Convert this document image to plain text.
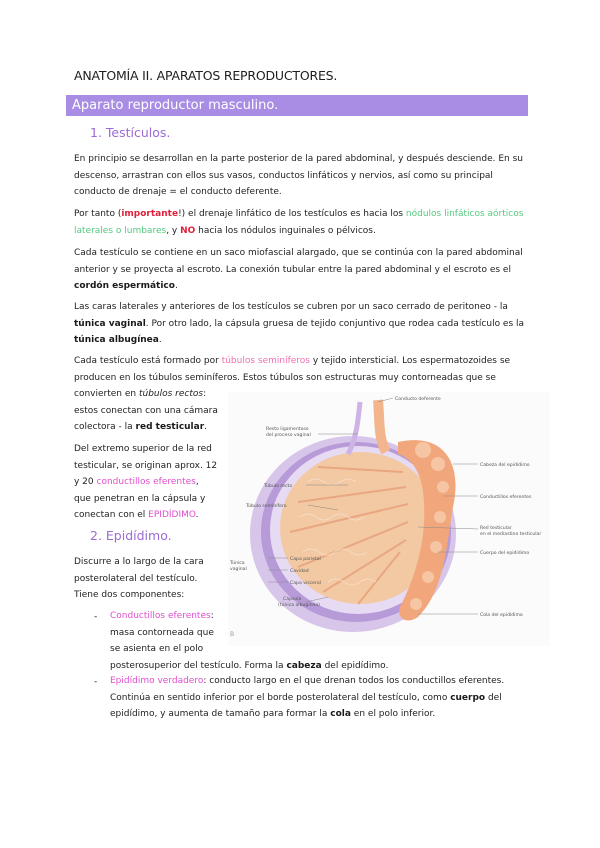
ANATOMÍA II. APARATOS REPRODUCTORES.
Aparato reproductor masculino.
1. Testículos.
En principio se desarrollan en la parte posterior de la pared abdominal, y después desciende. En su
descenso, arrastran con ellos sus vasos, conductos linfáticos y nervios, así como su principal
conducto de drenaje = el conducto deferente.
Por tanto (importante!) el drenaje linfático de los testículos es hacia los nódulos linfáticos aórticos
laterales o lumbares, y NO hacia los nódulos inguinales o pélvicos.
Cada testículo se contiene en un saco miofascial alargado, que se continúa con la pared abdominal
anterior y se proyecta al escroto. La conexión tubular entre la pared abdominal y el escroto es el
cordón espermático.
Las caras laterales y anteriores de los testículos se cubren por un saco cerrado de peritoneo - la
túnica vaginal. Por otro lado, la cápsula gruesa de tejido conjuntivo que rodea cada testículo es la
túnica albugínea.
Cada testículo está formado por túbulos seminíferos y tejido intersticial. Los espermatozoides se
producen en los túbulos seminíferos. Estos túbulos son estructuras muy contorneadas que se
convierten en túbulos rectos:
estos conectan con una cámara
colectora - la red testicular.
Del extremo superior de la red
testicular, se originan aprox. 12
y 20 conductillos eferentes,
que penetran en la cápsula y
conectan con el EPIDÍDIMO.
2. Epidídimo.
Discurre a lo largo de la cara
posterolateral del testículo.
Tiene dos componentes:
- Conductillos eferentes:
masa contorneada que
se asienta en el polo
posterosuperior del testículo. Forma la cabeza del epidídimo.
- Epidídimo verdadero: conducto largo en el que drenan todos los conductillos eferentes.
Continúa en sentido inferior por el borde posterolateral del testículo, como cuerpo del
epidídimo, y aumenta de tamaño para formar la cola en el polo inferior.
Resto ligamentoso
del proceso vaginal
Conducto deferente
Cabeza del epidídimo
Túbulo recto
Túbulo seminífero
Conductillos eferentes
Red testicular
en el mediastino testicular
Cuerpo del epidídimo
Túnica
vaginal
Capa parietal
Cavidad
Capa visceral
Cápsula
(túnica albugínea)
Cola del epidídimo
B
